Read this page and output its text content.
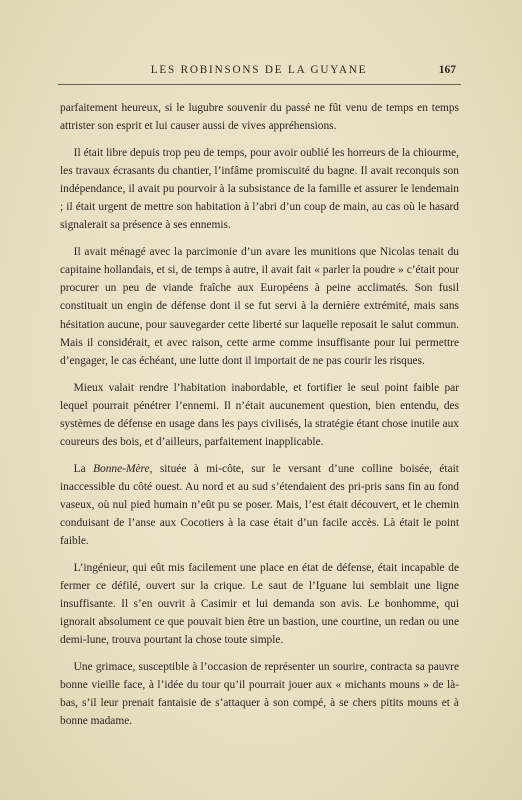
LES ROBINSONS DE LA GUYANE	167

parfaitement heureux, si le lugubre souvenir du passé ne fût venu de temps en temps attrister son esprit et lui causer aussi de vives appréhensions.

Il était libre depuis trop peu de temps, pour avoir oublié les horreurs de la chiourme, les travaux écrasants du chantier, l’infâme promiscuité du bagne. Il avait reconquis son indépendance, il avait pu pourvoir à la subsistance de la famille et assurer le lendemain ; il était urgent de mettre son habitation à l’abri d’un coup de main, au cas où le hasard signalerait sa présence à ses ennemis.

Il avait ménagé avec la parcimonie d’un avare les munitions que Nicolas tenait du capitaine hollandais, et si, de temps à autre, il avait fait « parler la poudre » c’était pour procurer un peu de viande fraîche aux Européens à peine acclimatés. Son fusil constituait un engin de défense dont il se fut servi à la dernière extrémité, mais sans hésitation aucune, pour sauvegarder cette liberté sur laquelle reposait le salut commun. Mais il considérait, et avec raison, cette arme comme insuffisante pour lui permettre d’engager, le cas échéant, une lutte dont il importait de ne pas courir les risques.

Mieux valait rendre l’habitation inabordable, et fortifier le seul point faible par lequel pourrait pénétrer l’ennemi. Il n’était aucunement question, bien entendu, des systèmes de défense en usage dans les pays civilisés, la stratégie étant chose inutile aux coureurs des bois, et d’ailleurs, parfaitement inapplicable.

La Bonne-Mère, située à mi-côte, sur le versant d’une colline boisée, était inaccessible du côté ouest. Au nord et au sud s’étendaient des pri-pris sans fin au fond vaseux, où nul pied humain n’eût pu se poser. Mais, l’est était découvert, et le chemin conduisant de l’anse aux Cocotiers à la case était d’un facile accès. Là était le point faible.

L’ingénieur, qui eût mis facilement une place en état de défense, était incapable de fermer ce défilé, ouvert sur la crique. Le saut de l’Iguane lui semblait une ligne insuffisante. Il s’en ouvrit à Casimir et lui demanda son avis. Le bonhomme, qui ignorait absolument ce que pouvait bien être un bastion, une courtine, un redan ou une demi-lune, trouva pourtant la chose toute simple.

Une grimace, susceptible à l’occasion de représenter un sourire, contracta sa pauvre bonne vieille face, à l’idée du tour qu’il pourrait jouer aux « michants mouns » de là-bas, s’il leur prenait fantaisie de s’attaquer à son compé, à se chers pitits mouns et à bonne madame.
